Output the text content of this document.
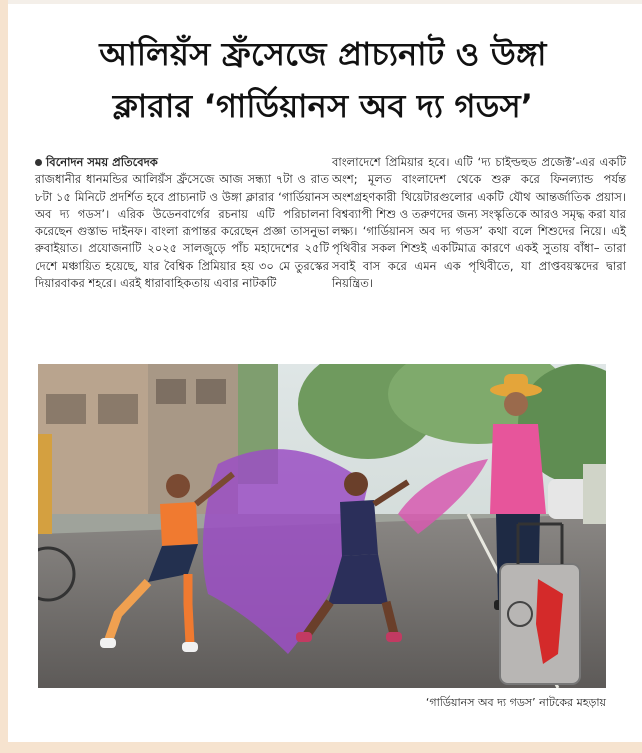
আলিয়ঁস ফ্রঁসেজে প্রাচ্যনাট ও উঙ্গা
ক্লারার ‘গার্ডিয়ানস অব দ্য গডস’
বিনোদন সময় প্রতিবেদক
রাজধানীর ধানমন্ডির আলিয়ঁস ফ্রঁসেজে আজ সন্ধ্যা ৭টা ও রাত ৮টা ১৫ মিনিটে প্রদর্শিত হবে প্রাচ্যনাট ও উঙ্গা ক্লারার ‘গার্ডিয়ানস অব দ্য গডস’। এরিক উডেনবার্গের রচনায় এটি পরিচালনা করেছেন গুস্তাভ দাইনফ। বাংলা রূপান্তর করেছেন প্রজ্ঞা তাসনুভা রুবাইয়াত। প্রযোজনাটি ২০২৫ সালজুড়ে পাঁচ মহাদেশের ২৫টি দেশে মঞ্চায়িত হয়েছে, যার বৈশ্বিক প্রিমিয়ার হয় ৩০ মে তুরস্কের দিয়ারবাকর শহরে। এরই ধারাবাহিকতায় এবার নাটকটি
বাংলাদেশে প্রিমিয়ার হবে। এটি ‘দ্য চাইল্ডহুড প্রজেক্ট’-এর একটি অংশ; মূলত বাংলাদেশ থেকে শুরু করে ফিনল্যান্ড পর্যন্ত অংশগ্রহণকারী থিয়েটারগুলোর একটি যৌথ আন্তর্জাতিক প্রয়াস। বিশ্বব্যাপী শিশু ও তরুণদের জন্য সংস্কৃতিকে আরও সমৃদ্ধ করা যার লক্ষ্য। ‘গার্ডিয়ানস অব দ্য গডস’ কথা বলে শিশুদের নিয়ে। এই পৃথিবীর সকল শিশুই একটিমাত্র কারণে একই সুতায় বাঁধা– তারা সবাই বাস করে এমন এক পৃথিবীতে, যা প্রাপ্তবয়স্কদের দ্বারা নিয়ন্ত্রিত।
‘গার্ডিয়ানস অব দ্য গডস’ নাটকের মহড়ায়
